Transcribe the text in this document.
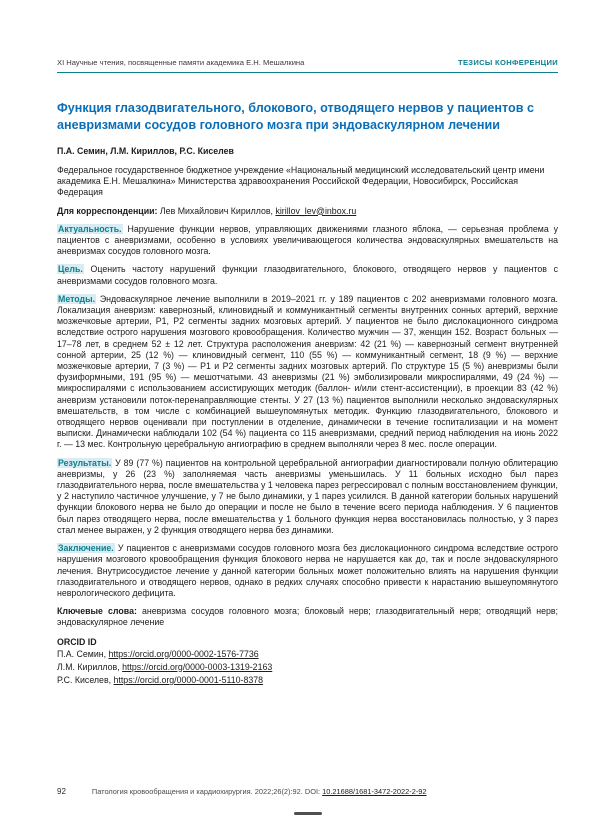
XI Научные чтения, посвященные памяти академика Е.Н. Мешалкина	ТЕЗИСЫ КОНФЕРЕНЦИИ
Функция глазодвигательного, блокового, отводящего нервов у пациентов с аневризмами сосудов головного мозга при эндоваскулярном лечении

П.А. Семин, Л.М. Кириллов, Р.С. Киселев

Федеральное государственное бюджетное учреждение «Национальный медицинский исследовательский центр имени академика Е.Н. Мешалкина» Министерства здравоохранения Российской Федерации, Новосибирск, Российская Федерация

Для корреспонденции: Лев Михайлович Кириллов, kirillov_lev@inbox.ru

Актуальность. Нарушение функции нервов, управляющих движениями глазного яблока, — серьезная проблема у пациентов с аневризмами, особенно в условиях увеличивающегося количества эндоваскулярных вмешательств на аневризмах сосудов головного мозга.

Цель. Оценить частоту нарушений функции глазодвигательного, блокового, отводящего нервов у пациентов с аневризмами сосудов головного мозга.

Методы. Эндоваскулярное лечение выполнили в 2019–2021 гг. у 189 пациентов с 202 аневризмами головного мозга. Локализация аневризм: кавернозный, клиновидный и коммуникантный сегменты внутренних сонных артерий, верхние мозжечковые артерии, P1, P2 сегменты задних мозговых артерий. У пациентов не было дислокационного синдрома вследствие острого нарушения мозгового кровообращения. Количество мужчин — 37, женщин 152. Возраст больных — 17–78 лет, в среднем 52 ± 12 лет. Структура расположения аневризм: 42 (21 %) — кавернозный сегмент внутренней сонной артерии, 25 (12 %) — клиновидный сегмент, 110 (55 %) — коммуникантный сегмент, 18 (9 %) — верхние мозжечковые артерии, 7 (3 %) — P1 и P2 сегменты задних мозговых артерий. По структуре 15 (5 %) аневризмы были фузиформными, 191 (95 %) — мешотчатыми. 43 аневризмы (21 %) эмболизировали микроспиралями, 49 (24 %) — микроспиралями с использованием ассистирующих методик (баллон- и/или стент-ассистенции), в проекции 83 (42 %) аневризм установили поток-перенаправляющие стенты. У 27 (13 %) пациентов выполнили несколько эндоваскулярных вмешательств, в том числе с комбинацией вышеупомянутых методик. Функцию глазодвигательного, блокового и отводящего нервов оценивали при поступлении в отделение, динамически в течение госпитализации и на момент выписки. Динамически наблюдали 102 (54 %) пациента со 115 аневризмами, средний период наблюдения на июнь 2022 г. — 13 мес. Контрольную церебральную ангиографию в среднем выполняли через 8 мес. после операции.

Результаты. У 89 (77 %) пациентов на контрольной церебральной ангиографии диагностировали полную облитерацию аневризмы, у 26 (23 %) заполняемая часть аневризмы уменьшилась. У 11 больных исходно был парез глазодвигательного нерва, после вмешательства у 1 человека парез регрессировал с полным восстановлением функции, у 2 наступило частичное улучшение, у 7 не было динамики, у 1 парез усилился. В данной категории больных нарушений функции блокового нерва не было до операции и после не было в течение всего периода наблюдения. У 6 пациентов был парез отводящего нерва, после вмешательства у 1 больного функция нерва восстановилась полностью, у 3 парез стал менее выражен, у 2 функция отводящего нерва без динамики.

Заключение. У пациентов с аневризмами сосудов головного мозга без дислокационного синдрома вследствие острого нарушения мозгового кровообращения функция блокового нерва не нарушается как до, так и после эндоваскулярного лечения. Внутрисосудистое лечение у данной категории больных может положительно влиять на нарушения функции глазодвигательного и отводящего нервов, однако в редких случаях способно привести к нарастанию вышеупомянутого неврологического дефицита.

Ключевые слова: аневризма сосудов головного мозга; блоковый нерв; глазодвигательный нерв; отводящий нерв; эндоваскулярное лечение

ORCID ID

П.А. Семин, https://orcid.org/0000-0002-1576-7736

Л.М. Кириллов, https://orcid.org/0000-0003-1319-2163

Р.С. Киселев, https://orcid.org/0000-0001-5110-8378

92	Патология кровообращения и кардиохирургия. 2022;26(2):92. DOI: 10.21688/1681-3472-2022-2-92
